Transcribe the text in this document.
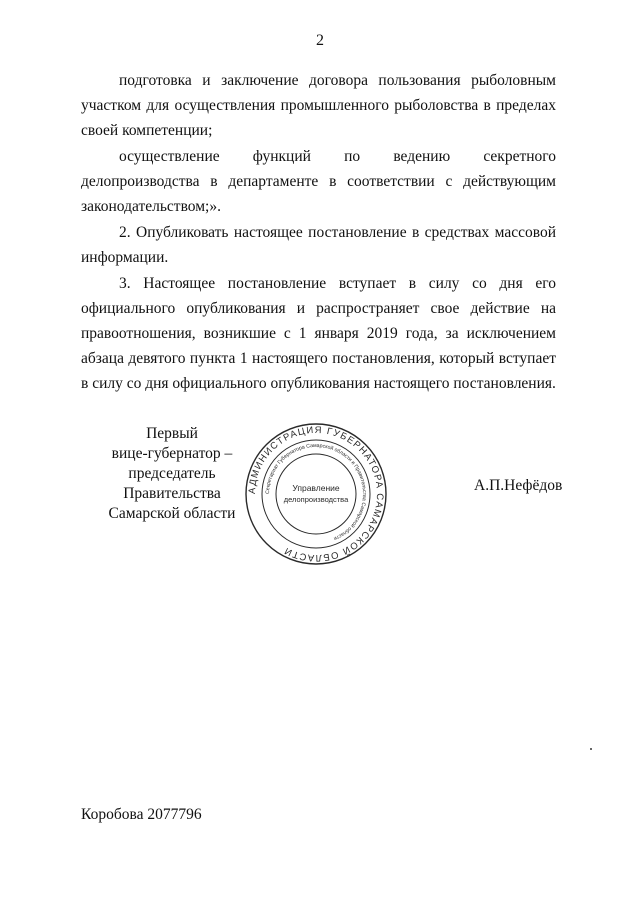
2

подготовка и заключение договора пользования рыболовным участком для осуществления промышленного рыболовства в пределах своей компетенции;

осуществление функций по ведению секретного делопроизводства в департаменте в соответствии с действующим законодательством;».

2. Опубликовать настоящее постановление в средствах массовой информации.

3. Настоящее постановление вступает в силу со дня его официального опубликования и распространяет свое действие на правоотношения, возникшие с 1 января 2019 года, за исключением абзаца девятого пункта 1 настоящего постановления, который вступает в силу со дня официального опубликования настоящего постановления.

Первый
вице-губернатор –
председатель Правительства
Самарской области
АДМИНИСТРАЦИЯ ГУБЕРНАТОРА САМАРСКОЙ ОБЛАСТИ
Секретариат Губернатора Самарской области и Правительства Самарской области
Управление
делопроизводства
А.П.Нефёдов
Коробова 2077796
